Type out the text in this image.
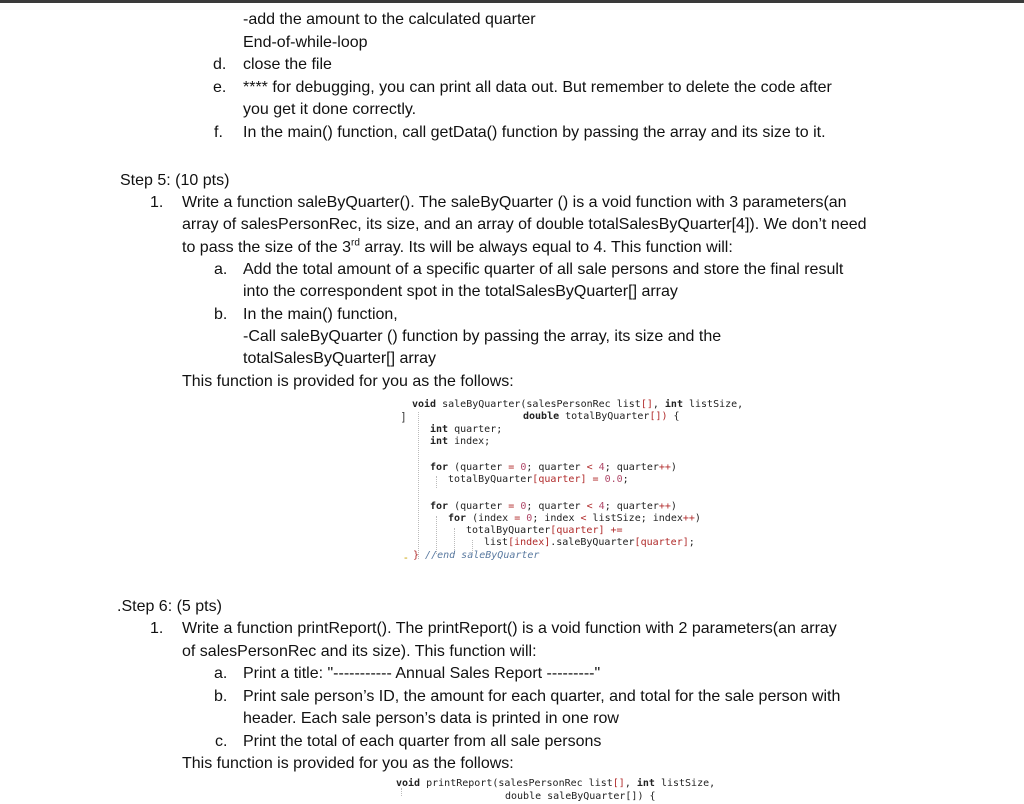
-add the amount to the calculated quarter
End-of-while-loop
d. close the file
e. **** for debugging, you can print all data out. But remember to delete the code after
you get it done correctly.
f. In the main() function, call getData() function by passing the array and its size to it.
Step 5: (10 pts)
1. Write a function saleByQuarter(). The saleByQuarter () is a void function with 3 parameters(an
array of salesPersonRec, its size, and an array of double totalSalesByQuarter[4]). We don’t need
to pass the size of the 3rd array. Its will be always equal to 4. This function will:
a. Add the total amount of a specific quarter of all sale persons and store the final result
into the correspondent spot in the totalSalesByQuarter[] array
b. In the main() function,
-Call saleByQuarter () function by passing the array, its size and the
totalSalesByQuarter[] array
This function is provided for you as the follows:
]
-
void saleByQuarter(salesPersonRec list[], int listSize,
double totalByQuarter[]) {
int quarter;
int index;
for (quarter = 0; quarter < 4; quarter++)
totalByQuarter[quarter] = 0.0;
for (quarter = 0; quarter < 4; quarter++)
for (index = 0; index < listSize; index++)
totalByQuarter[quarter] +=
list[index].saleByQuarter[quarter];
} //end saleByQuarter
.Step 6: (5 pts)
1. Write a function printReport(). The printReport() is a void function with 2 parameters(an array
of salesPersonRec and its size). This function will:
a. Print a title: "----------- Annual Sales Report ---------"
b. Print sale person’s ID, the amount for each quarter, and total for the sale person with
header. Each sale person’s data is printed in one row
c. Print the total of each quarter from all sale persons
This function is provided for you as the follows:
void printReport(salesPersonRec list[], int listSize,
double saleByQuarter[]) {
